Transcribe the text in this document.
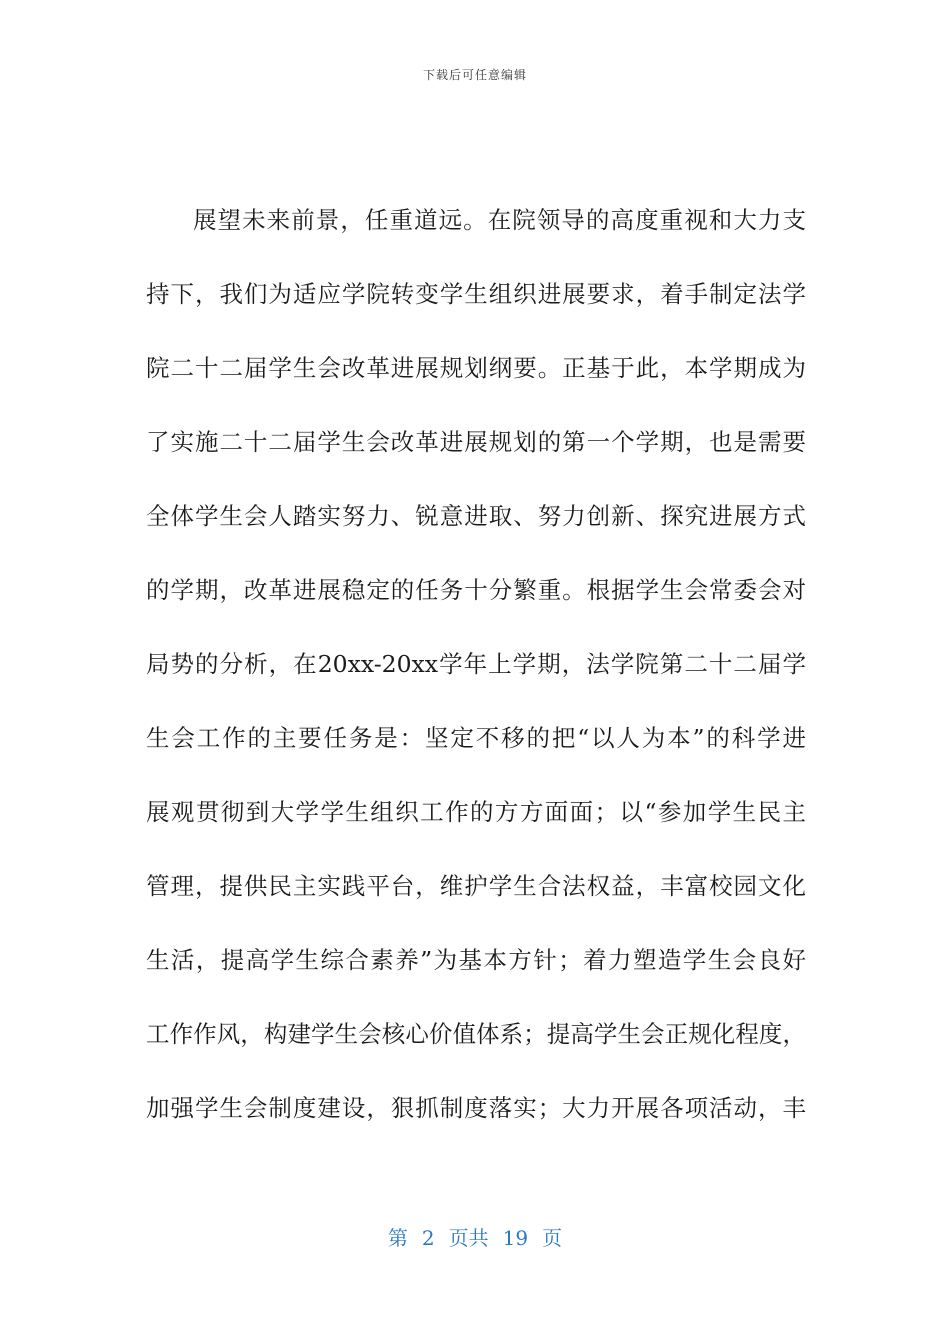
下载后可任意编辑
展望未来前景，任重道远。在院领导的高度重视和大力支
持下，我们为适应学院转变学生组织进展要求，着手制定法学
院二十二届学生会改革进展规划纲要。正基于此，本学期成为
了实施二十二届学生会改革进展规划的第一个学期，也是需要
全体学生会人踏实努力、锐意进取、努力创新、探究进展方式
的学期，改革进展稳定的任务十分繁重。根据学生会常委会对
局势的分析，在20xx-20xx学年上学期，法学院第二十二届学
生会工作的主要任务是：坚定不移的把“以人为本”的科学进
展观贯彻到大学学生组织工作的方方面面；以“参加学生民主
管理，提供民主实践平台，维护学生合法权益，丰富校园文化
生活，提高学生综合素养”为基本方针；着力塑造学生会良好
工作作风，构建学生会核心价值体系；提高学生会正规化程度，
加强学生会制度建设，狠抓制度落实；大力开展各项活动，丰
第 2 页共 19 页
